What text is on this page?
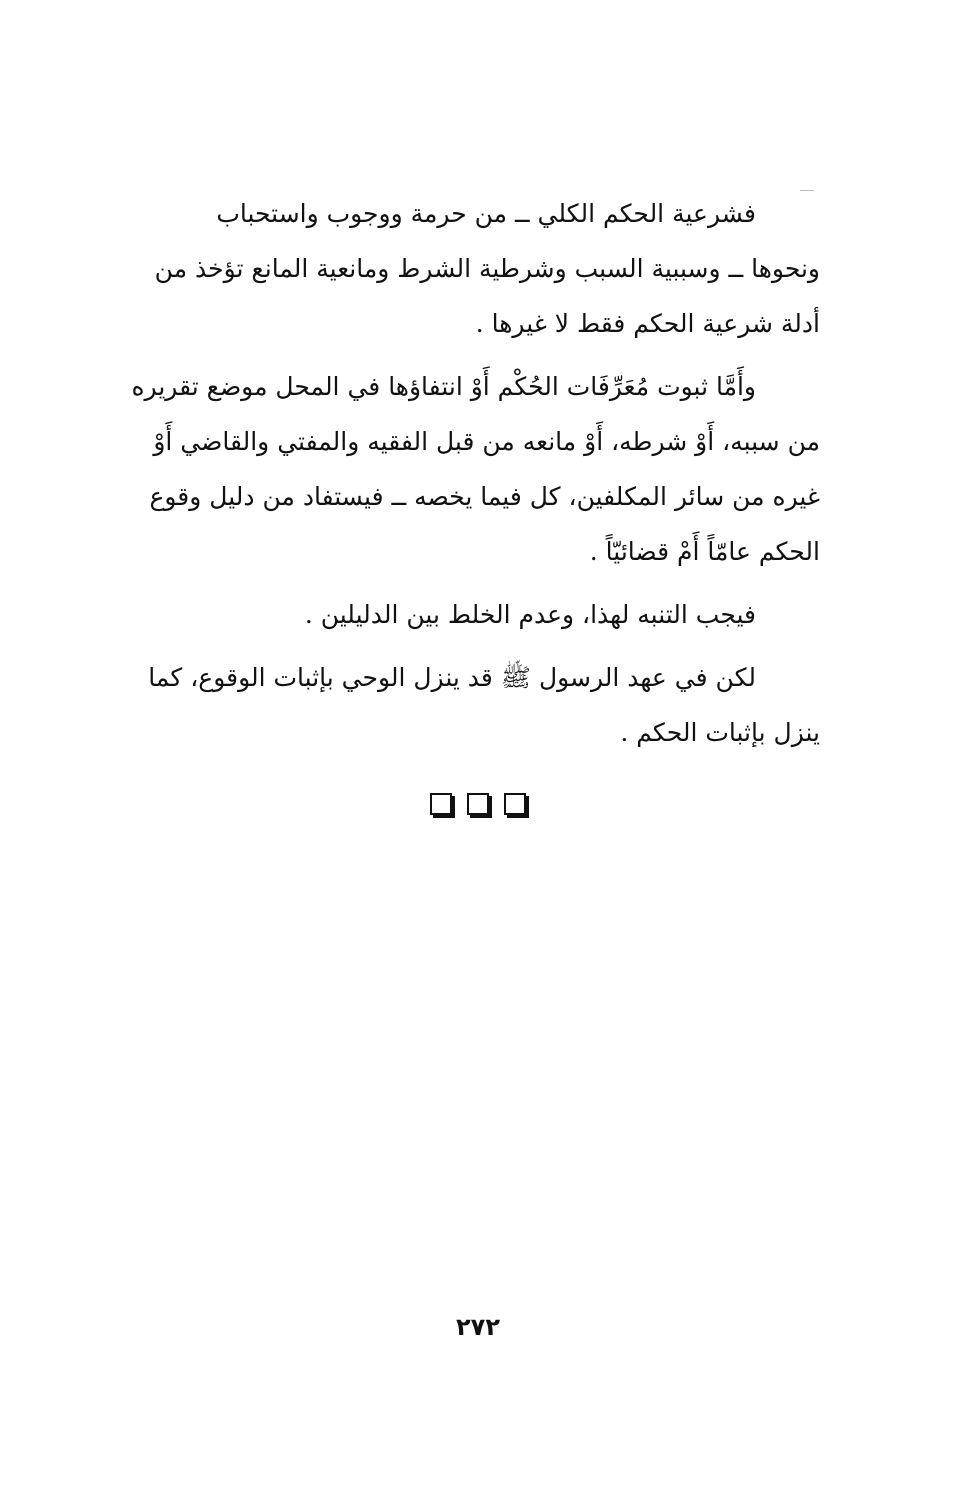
فشرعية الحكم الكلي ــ من حرمة ووجوب واستحباب
ونحوها ــ وسببية السبب وشرطية الشرط ومانعية المانع تؤخذ من
أدلة شرعية الحكم فقط لا غيرها .

وأَمَّا ثبوت مُعَرِّفَات الحُكْم أَوْ انتفاؤها في المحل موضع تقريره
من سببه، أَوْ شرطه، أَوْ مانعه من قبل الفقيه والمفتي والقاضي أَوْ
غيره من سائر المكلفين، كل فيما يخصه ــ فيستفاد من دليل وقوع
الحكم عامّاً أَمْ قضائيّاً .

فيجب التنبه لهذا، وعدم الخلط بين الدليلين .

لكن في عهد الرسول ﷺ قد ينزل الوحي بإثبات الوقوع، كما
ينزل بإثبات الحكم .

٢٧٢
